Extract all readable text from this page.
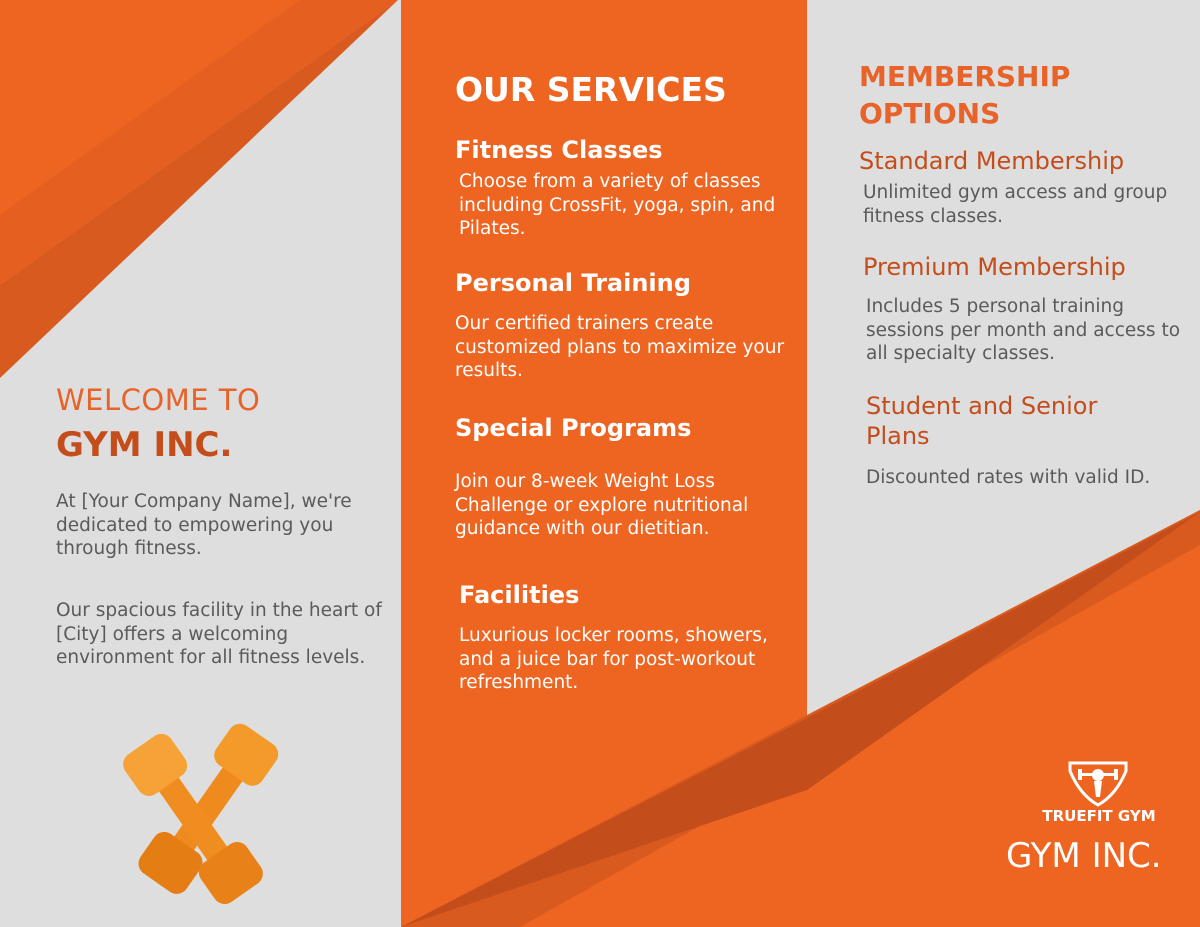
WELCOME TO

GYM INC.

At [Your Company Name], we're dedicated to empowering you through fitness.

Our spacious facility in the heart of [City] offers a welcoming environment for all fitness levels.

OUR SERVICES

Fitness Classes

Choose from a variety of classes including CrossFit, yoga, spin, and Pilates.

Personal Training

Our certified trainers create customized plans to maximize your results.

Special Programs

Join our 8-week Weight Loss Challenge or explore nutritional guidance with our dietitian.

Facilities

Luxurious locker rooms, showers, and a juice bar for post-workout refreshment.

MEMBERSHIP OPTIONS

Standard Membership

Unlimited gym access and group fitness classes.

Premium Membership

Includes 5 personal training sessions per month and access to all specialty classes.

Student and Senior Plans

Discounted rates with valid ID.

TRUEFIT GYM

GYM INC.
